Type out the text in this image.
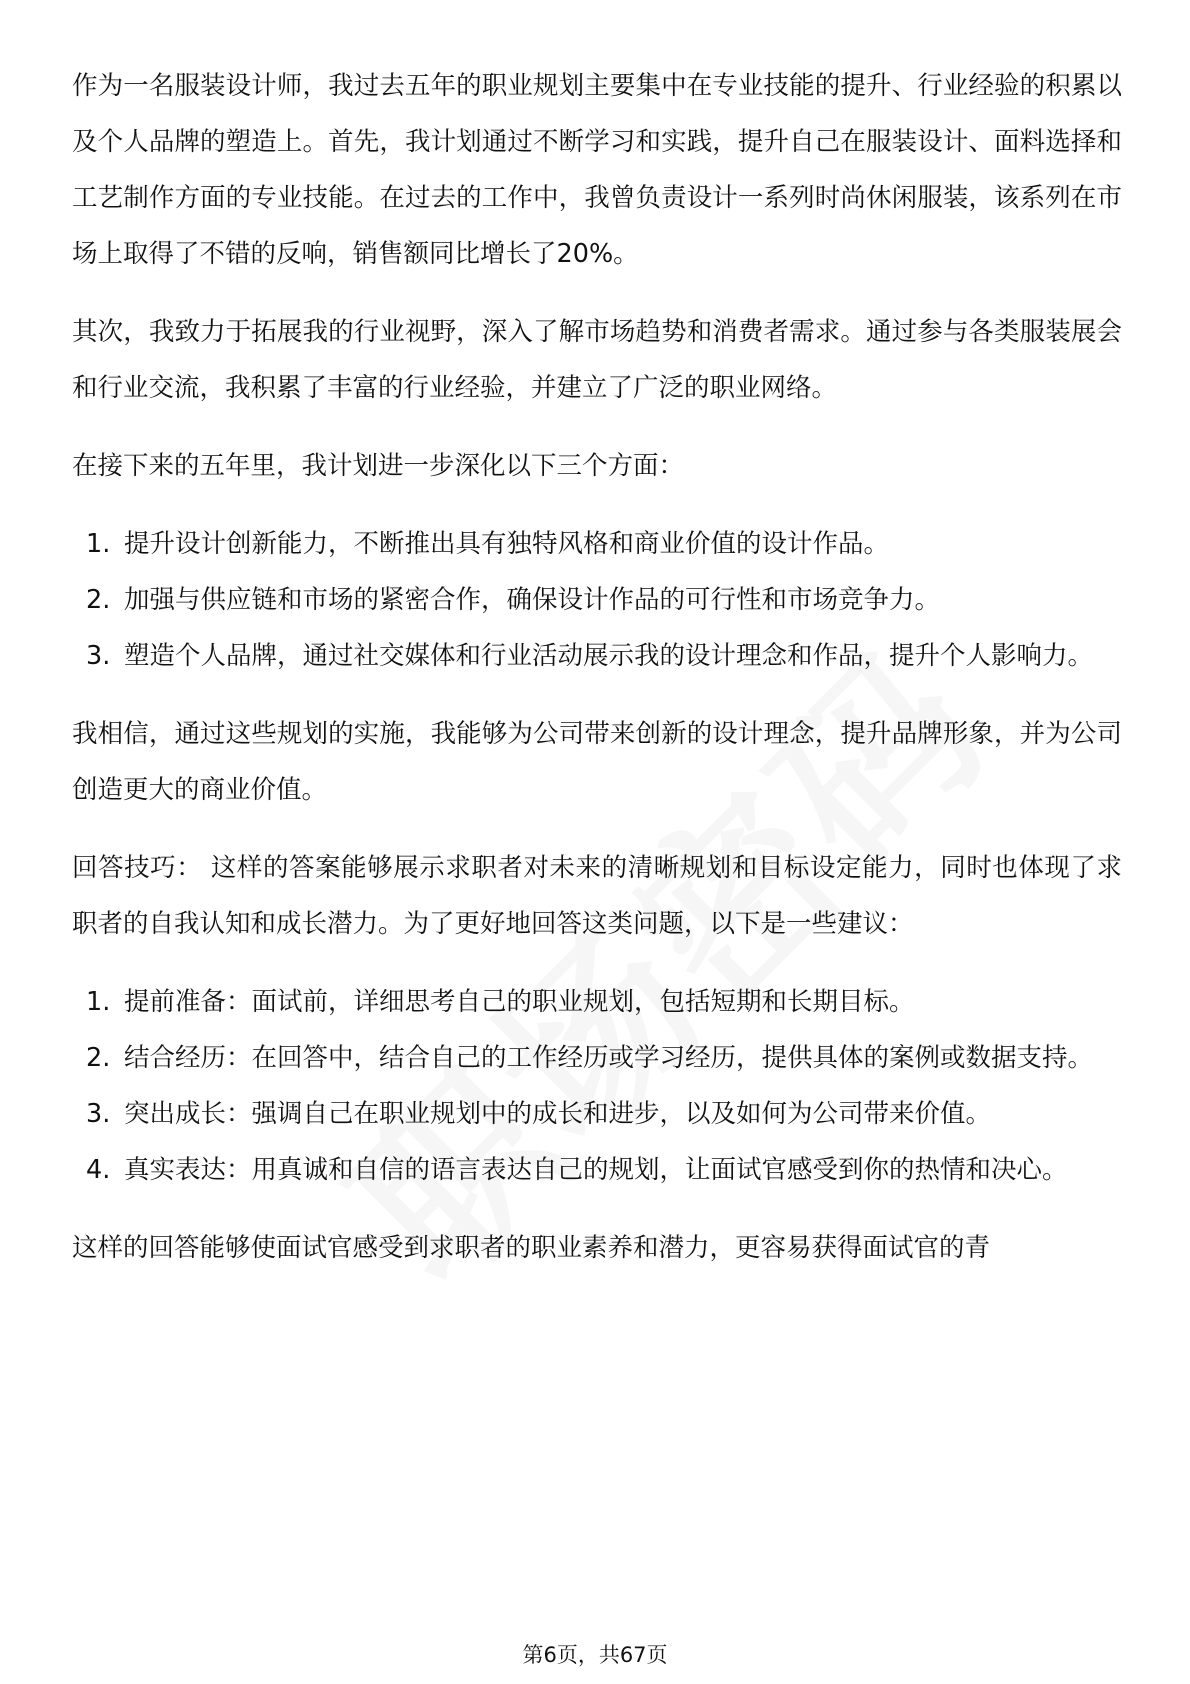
作为一名服装设计师，我过去五年的职业规划主要集中在专业技能的提升、行业经验的积累以及个人品牌的塑造上。首先，我计划通过不断学习和实践，提升自己在服装设计、面料选择和工艺制作方面的专业技能。在过去的工作中，我曾负责设计一系列时尚休闲服装，该系列在市场上取得了不错的反响，销售额同比增长了20%。

其次，我致力于拓展我的行业视野，深入了解市场趋势和消费者需求。通过参与各类服装展会和行业交流，我积累了丰富的行业经验，并建立了广泛的职业网络。

在接下来的五年里，我计划进一步深化以下三个方面：

1. 提升设计创新能力，不断推出具有独特风格和商业价值的设计作品。
2. 加强与供应链和市场的紧密合作，确保设计作品的可行性和市场竞争力。
3. 塑造个人品牌，通过社交媒体和行业活动展示我的设计理念和作品，提升个人影响力。

我相信，通过这些规划的实施，我能够为公司带来创新的设计理念，提升品牌形象，并为公司创造更大的商业价值。

回答技巧： 这样的答案能够展示求职者对未来的清晰规划和目标设定能力，同时也体现了求职者的自我认知和成长潜力。为了更好地回答这类问题，以下是一些建议：

1. 提前准备：面试前，详细思考自己的职业规划，包括短期和长期目标。
2. 结合经历：在回答中，结合自己的工作经历或学习经历，提供具体的案例或数据支持。
3. 突出成长：强调自己在职业规划中的成长和进步，以及如何为公司带来价值。
4. 真实表达：用真诚和自信的语言表达自己的规划，让面试官感受到你的热情和决心。

这样的回答能够使面试官感受到求职者的职业素养和潜力，更容易获得面试官的青

第6页，共67页
